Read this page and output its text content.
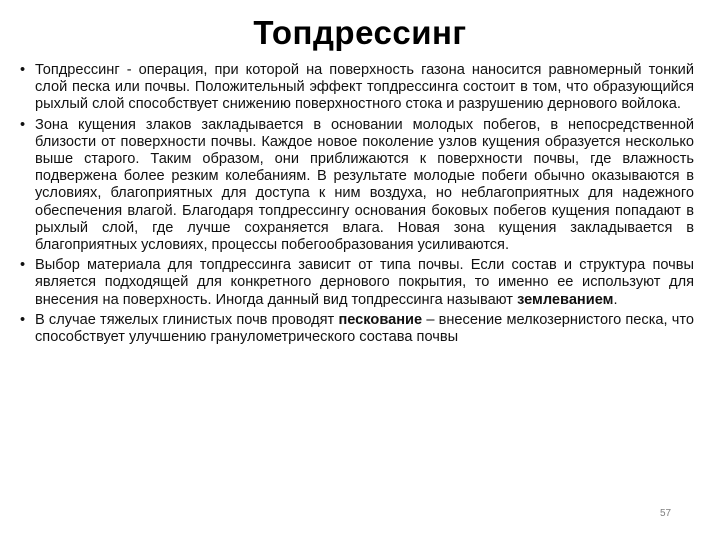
Топдрессинг
• Топдрессинг - операция, при которой на поверхность газона наносится равномерный тонкий слой песка или почвы. Положительный эффект топдрессинга состоит в том, что образующийся рыхлый слой способствует снижению поверхностного стока и разрушению дернового войлока.
• Зона кущения злаков закладывается в основании молодых побегов, в непосредственной близости от поверхности почвы. Каждое новое поколение узлов кущения образуется несколько выше старого. Таким образом, они приближаются к поверхности почвы, где влажность подвержена более резким колебаниям. В результате молодые побеги обычно оказываются в условиях, благоприятных для доступа к ним воздуха, но неблагоприятных для надежного обеспечения влагой. Благодаря топдрессингу основания боковых побегов кущения попадают в рыхлый слой, где лучше сохраняется влага. Новая зона кущения закладывается в благоприятных условиях, процессы побегообразования усиливаются.
• Выбор материала для топдрессинга зависит от типа почвы. Если состав и структура почвы является подходящей для конкретного дернового покрытия, то именно ее используют для внесения на поверхность. Иногда данный вид топдрессинга называют землеванием.
• В случае тяжелых глинистых почв проводят пескование – внесение мелкозернистого песка, что способствует улучшению гранулометрического состава почвы
57
